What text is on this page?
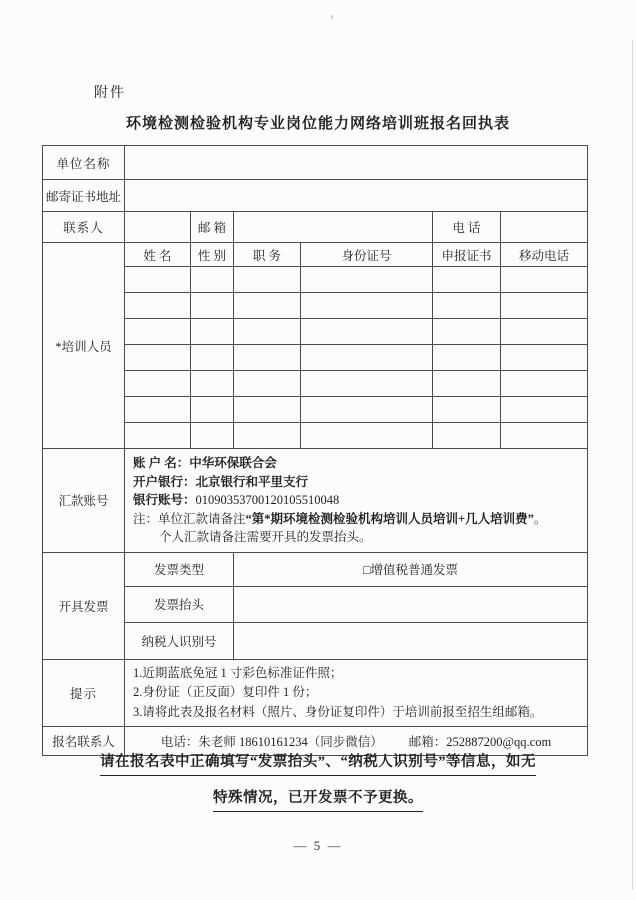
附件
环境检测检验机构专业岗位能力网络培训班报名回执表
单位名称						
邮寄证书地址						
联系人		邮 箱			电 话	
*培训人员	姓 名	性 别	职 务	身份证号	申报证书	移动电话

汇款账号	账 户 名：中华环保联合会
开户银行：北京银行和平里支行
银行账号：01090353700120105510048
注：单位汇款请备注“第*期环境检测检验机构培训人员培训+几人培训费”。
个人汇款请备注需要开具的发票抬头。					

开具发票	发票类型		□增值税普通发票			
	发票抬头					
	纳税人识别号					
提示	1.近期蓝底免冠 1 寸彩色标准证件照；
2.身份证（正反面）复印件 1 份；
3.请将此表及报名材料（照片、身份证复印件）于培训前报至招生组邮箱。					

报名联系人	电话：朱老师 18610161234（同步微信） 邮箱：252887200@qq.com					
请在报名表中正确填写“发票抬头”、“纳税人识别号”等信息，如无
特殊情况，已开发票不予更换。
— 5 —
